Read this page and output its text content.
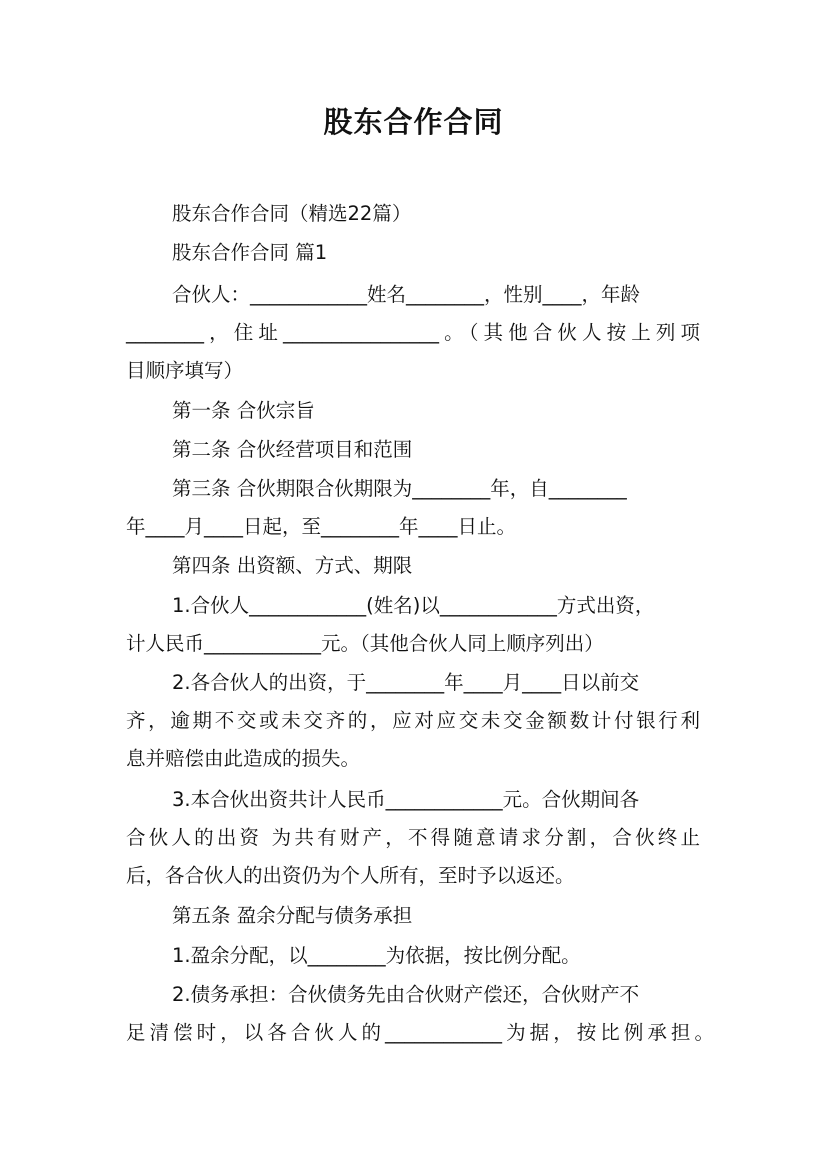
股东合作合同
股东合作合同（精选22篇）
股东合作合同 篇1
合伙人：____________姓名________，性别____，年龄
________，住址________________。（其他合伙人按上列项
目顺序填写）
第一条 合伙宗旨
第二条 合伙经营项目和范围
第三条 合伙期限合伙期限为________年，自________
年____月____日起，至________年____日止。
第四条 出资额、方式、期限
1.合伙人____________(姓名)以____________方式出资，
计人民币____________元。（其他合伙人同上顺序列出）
2.各合伙人的出资，于________年____月____日以前交
齐，逾期不交或未交齐的，应对应交未交金额数计付银行利
息并赔偿由此造成的损失。
3.本合伙出资共计人民币____________元。合伙期间各
合伙人的出资 为共有财产，不得随意请求分割，合伙终止
后，各合伙人的出资仍为个人所有，至时予以返还。
第五条 盈余分配与债务承担
1.盈余分配，以________为依据，按比例分配。
2.债务承担：合伙债务先由合伙财产偿还，合伙财产不
足清偿时，以各合伙人的____________为据，按比例承担。
